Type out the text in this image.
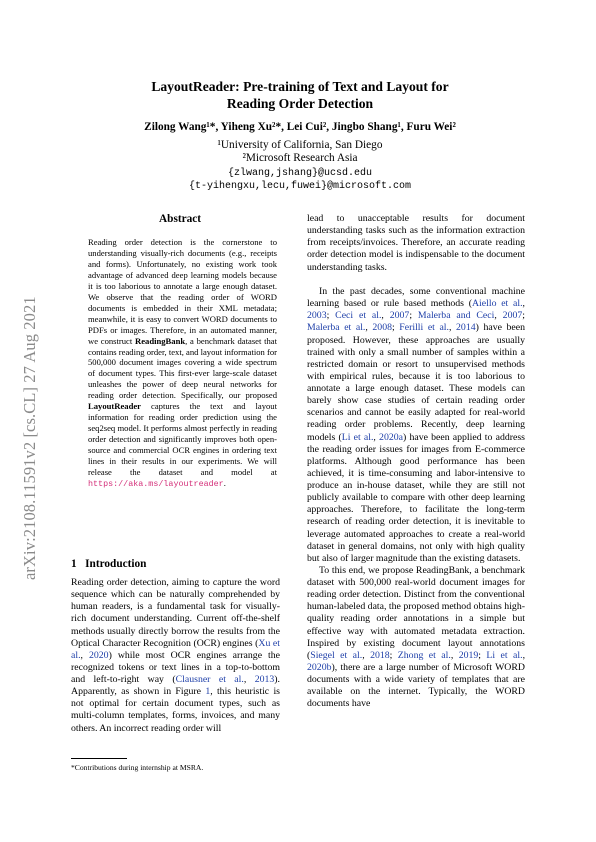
arXiv:2108.11591v2 [cs.CL] 27 Aug 2021
LayoutReader: Pre-training of Text and Layout for
Reading Order Detection
Zilong Wang¹*, Yiheng Xu²*, Lei Cui², Jingbo Shang¹, Furu Wei²
¹University of California, San Diego
²Microsoft Research Asia
{zlwang,jshang}@ucsd.edu
{t-yihengxu,lecu,fuwei}@microsoft.com
Abstract
Reading order detection is the cornerstone to understanding visually-rich documents (e.g., receipts and forms). Unfortunately, no existing work took advantage of advanced deep learning models because it is too laborious to annotate a large enough dataset. We observe that the reading order of WORD documents is embedded in their XML metadata; meanwhile, it is easy to convert WORD documents to PDFs or images. Therefore, in an automated manner, we construct ReadingBank, a benchmark dataset that contains reading order, text, and layout information for 500,000 document images covering a wide spectrum of document types. This first-ever large-scale dataset unleashes the power of deep neural networks for reading order detection. Specifically, our proposed LayoutReader captures the text and layout information for reading order prediction using the seq2seq model. It performs almost perfectly in reading order detection and significantly improves both open-source and commercial OCR engines in ordering text lines in their results in our experiments. We will release the dataset and model at https://aka.ms/layoutreader.
1 Introduction

Reading order detection, aiming to capture the word sequence which can be naturally comprehended by human readers, is a fundamental task for visually-rich document understanding. Current off-the-shelf methods usually directly borrow the results from the Optical Character Recognition (OCR) engines (Xu et al., 2020) while most OCR engines arrange the recognized tokens or text lines in a top-to-bottom and left-to-right way (Clausner et al., 2013). Apparently, as shown in Figure 1, this heuristic is not optimal for certain document types, such as multi-column templates, forms, invoices, and many others. An incorrect reading order will

In the past decades, some conventional machine learning based or rule based methods (Aiello et al., 2003; Ceci et al., 2007; Malerba and Ceci, 2007; Malerba et al., 2008; Ferilli et al., 2014) have been proposed. However, these approaches are usually trained with only a small number of samples within a restricted domain or resort to unsupervised methods with empirical rules, because it is too laborious to annotate a large enough dataset. These models can barely show case studies of certain reading order scenarios and cannot be easily adapted for real-world reading order problems. Recently, deep learning models (Li et al., 2020a) have been applied to address the reading order issues for images from E-commerce platforms. Although good performance has been achieved, it is time-consuming and labor-intensive to produce an in-house dataset, while they are still not publicly available to compare with other deep learning approaches. Therefore, to facilitate the long-term research of reading order detection, it is inevitable to leverage automated approaches to create a real-world dataset in general domains, not only with high quality but also of larger magnitude than the existing datasets.

To this end, we propose ReadingBank, a benchmark dataset with 500,000 real-world document images for reading order detection. Distinct from the conventional human-labeled data, the proposed method obtains high-quality reading order annotations in a simple but effective way with automated metadata extraction. Inspired by existing document layout annotations (Siegel et al., 2018; Zhong et al., 2019; Li et al., 2020b), there are a large number of Microsoft WORD documents with a wide variety of templates that are available on the internet. Typically, the WORD documents have

lead to unacceptable results for document understanding tasks such as the information extraction from receipts/invoices. Therefore, an accurate reading order detection model is indispensable to the document understanding tasks.

*Contributions during internship at MSRA.
